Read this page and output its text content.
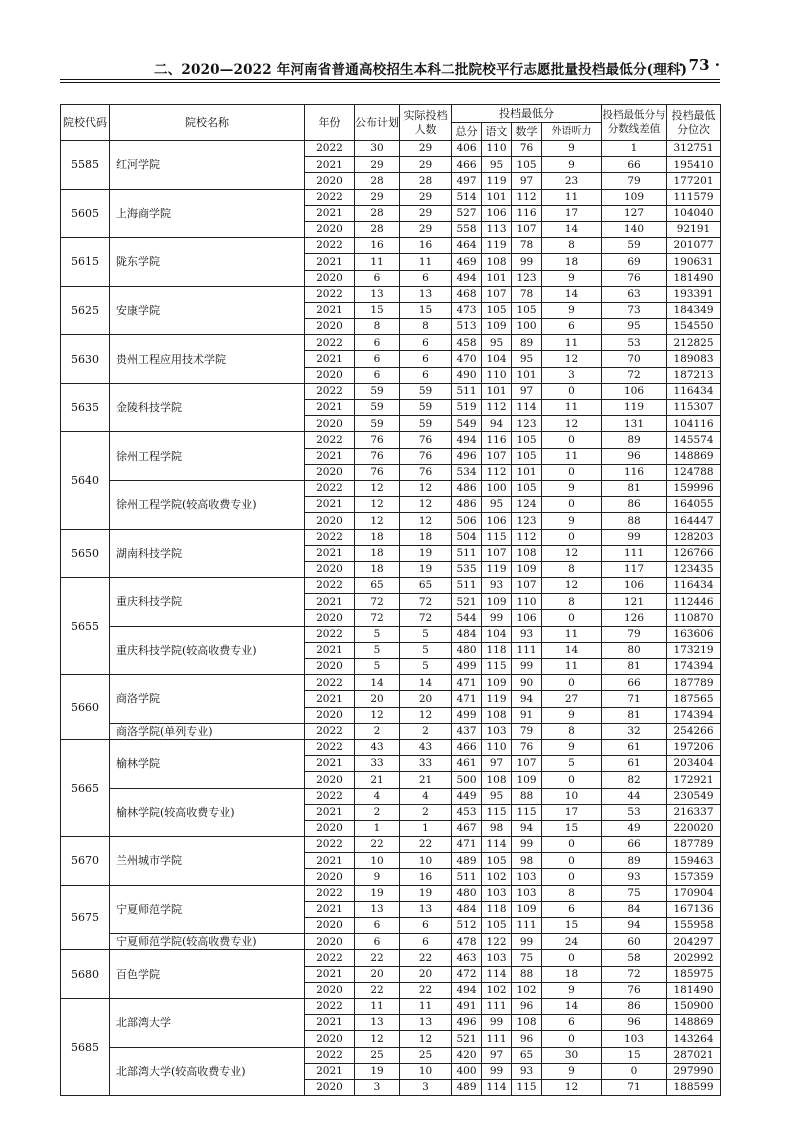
二、2020—2022 年河南省普通高校招生本科二批院校平行志愿批量投档最低分(理科)
· 73 ·
院校代码	院校名称	年份	公布计划	实际投档人数	投档最低分				投档最低分与分数线差值	投档最低分位次
					总分	语文	数学	外语听力		
5585	红河学院	2022	30	29	406	110	76	9	1	312751
		2021	29	29	466	95	105	9	66	195410
		2020	28	28	497	119	97	23	79	177201
5605	上海商学院	2022	29	29	514	101	112	11	109	111579
		2021	28	29	527	106	116	17	127	104040
		2020	28	29	558	113	107	14	140	92191
5615	陇东学院	2022	16	16	464	119	78	8	59	201077
		2021	11	11	469	108	99	18	69	190631
		2020	6	6	494	101	123	9	76	181490
5625	安康学院	2022	13	13	468	107	78	14	63	193391
		2021	15	15	473	105	105	9	73	184349
		2020	8	8	513	109	100	6	95	154550
5630	贵州工程应用技术学院	2022	6	6	458	95	89	11	53	212825
		2021	6	6	470	104	95	12	70	189083
		2020	6	6	490	110	101	3	72	187213
5635	金陵科技学院	2022	59	59	511	101	97	0	106	116434
		2021	59	59	519	112	114	11	119	115307
		2020	59	59	549	94	123	12	131	104116
5640	徐州工程学院	2022	76	76	494	116	105	0	89	145574
		2021	76	76	496	107	105	11	96	148869
		2020	76	76	534	112	101	0	116	124788
	徐州工程学院(较高收费专业)	2022	12	12	486	100	105	9	81	159996
		2021	12	12	486	95	124	0	86	164055
		2020	12	12	506	106	123	9	88	164447
5650	湖南科技学院	2022	18	18	504	115	112	0	99	128203
		2021	18	19	511	107	108	12	111	126766
		2020	18	19	535	119	109	8	117	123435
5655	重庆科技学院	2022	65	65	511	93	107	12	106	116434
		2021	72	72	521	109	110	8	121	112446
		2020	72	72	544	99	106	0	126	110870
	重庆科技学院(较高收费专业)	2022	5	5	484	104	93	11	79	163606
		2021	5	5	480	118	111	14	80	173219
		2020	5	5	499	115	99	11	81	174394
5660	商洛学院	2022	14	14	471	109	90	0	66	187789
		2021	20	20	471	119	94	27	71	187565
		2020	12	12	499	108	91	9	81	174394
	商洛学院(单列专业)	2022	2	2	437	103	79	8	32	254266
5665	榆林学院	2022	43	43	466	110	76	9	61	197206
		2021	33	33	461	97	107	5	61	203404
		2020	21	21	500	108	109	0	82	172921
	榆林学院(较高收费专业)	2022	4	4	449	95	88	10	44	230549
		2021	2	2	453	115	115	17	53	216337
		2020	1	1	467	98	94	15	49	220020
5670	兰州城市学院	2022	22	22	471	114	99	0	66	187789
		2021	10	10	489	105	98	0	89	159463
		2020	9	16	511	102	103	0	93	157359
5675	宁夏师范学院	2022	19	19	480	103	103	8	75	170904
		2021	13	13	484	118	109	6	84	167136
		2020	6	6	512	105	111	15	94	155958
	宁夏师范学院(较高收费专业)	2020	6	6	478	122	99	24	60	204297
5680	百色学院	2022	22	22	463	103	75	0	58	202992
		2021	20	20	472	114	88	18	72	185975
		2020	22	22	494	102	102	9	76	181490
5685	北部湾大学	2022	11	11	491	111	96	14	86	150900
		2021	13	13	496	99	108	6	96	148869
		2020	12	12	521	111	96	0	103	143264
	北部湾大学(较高收费专业)	2022	25	25	420	97	65	30	15	287021
		2021	19	10	400	99	93	9	0	297990
		2020	3	3	489	114	115	12	71	188599
